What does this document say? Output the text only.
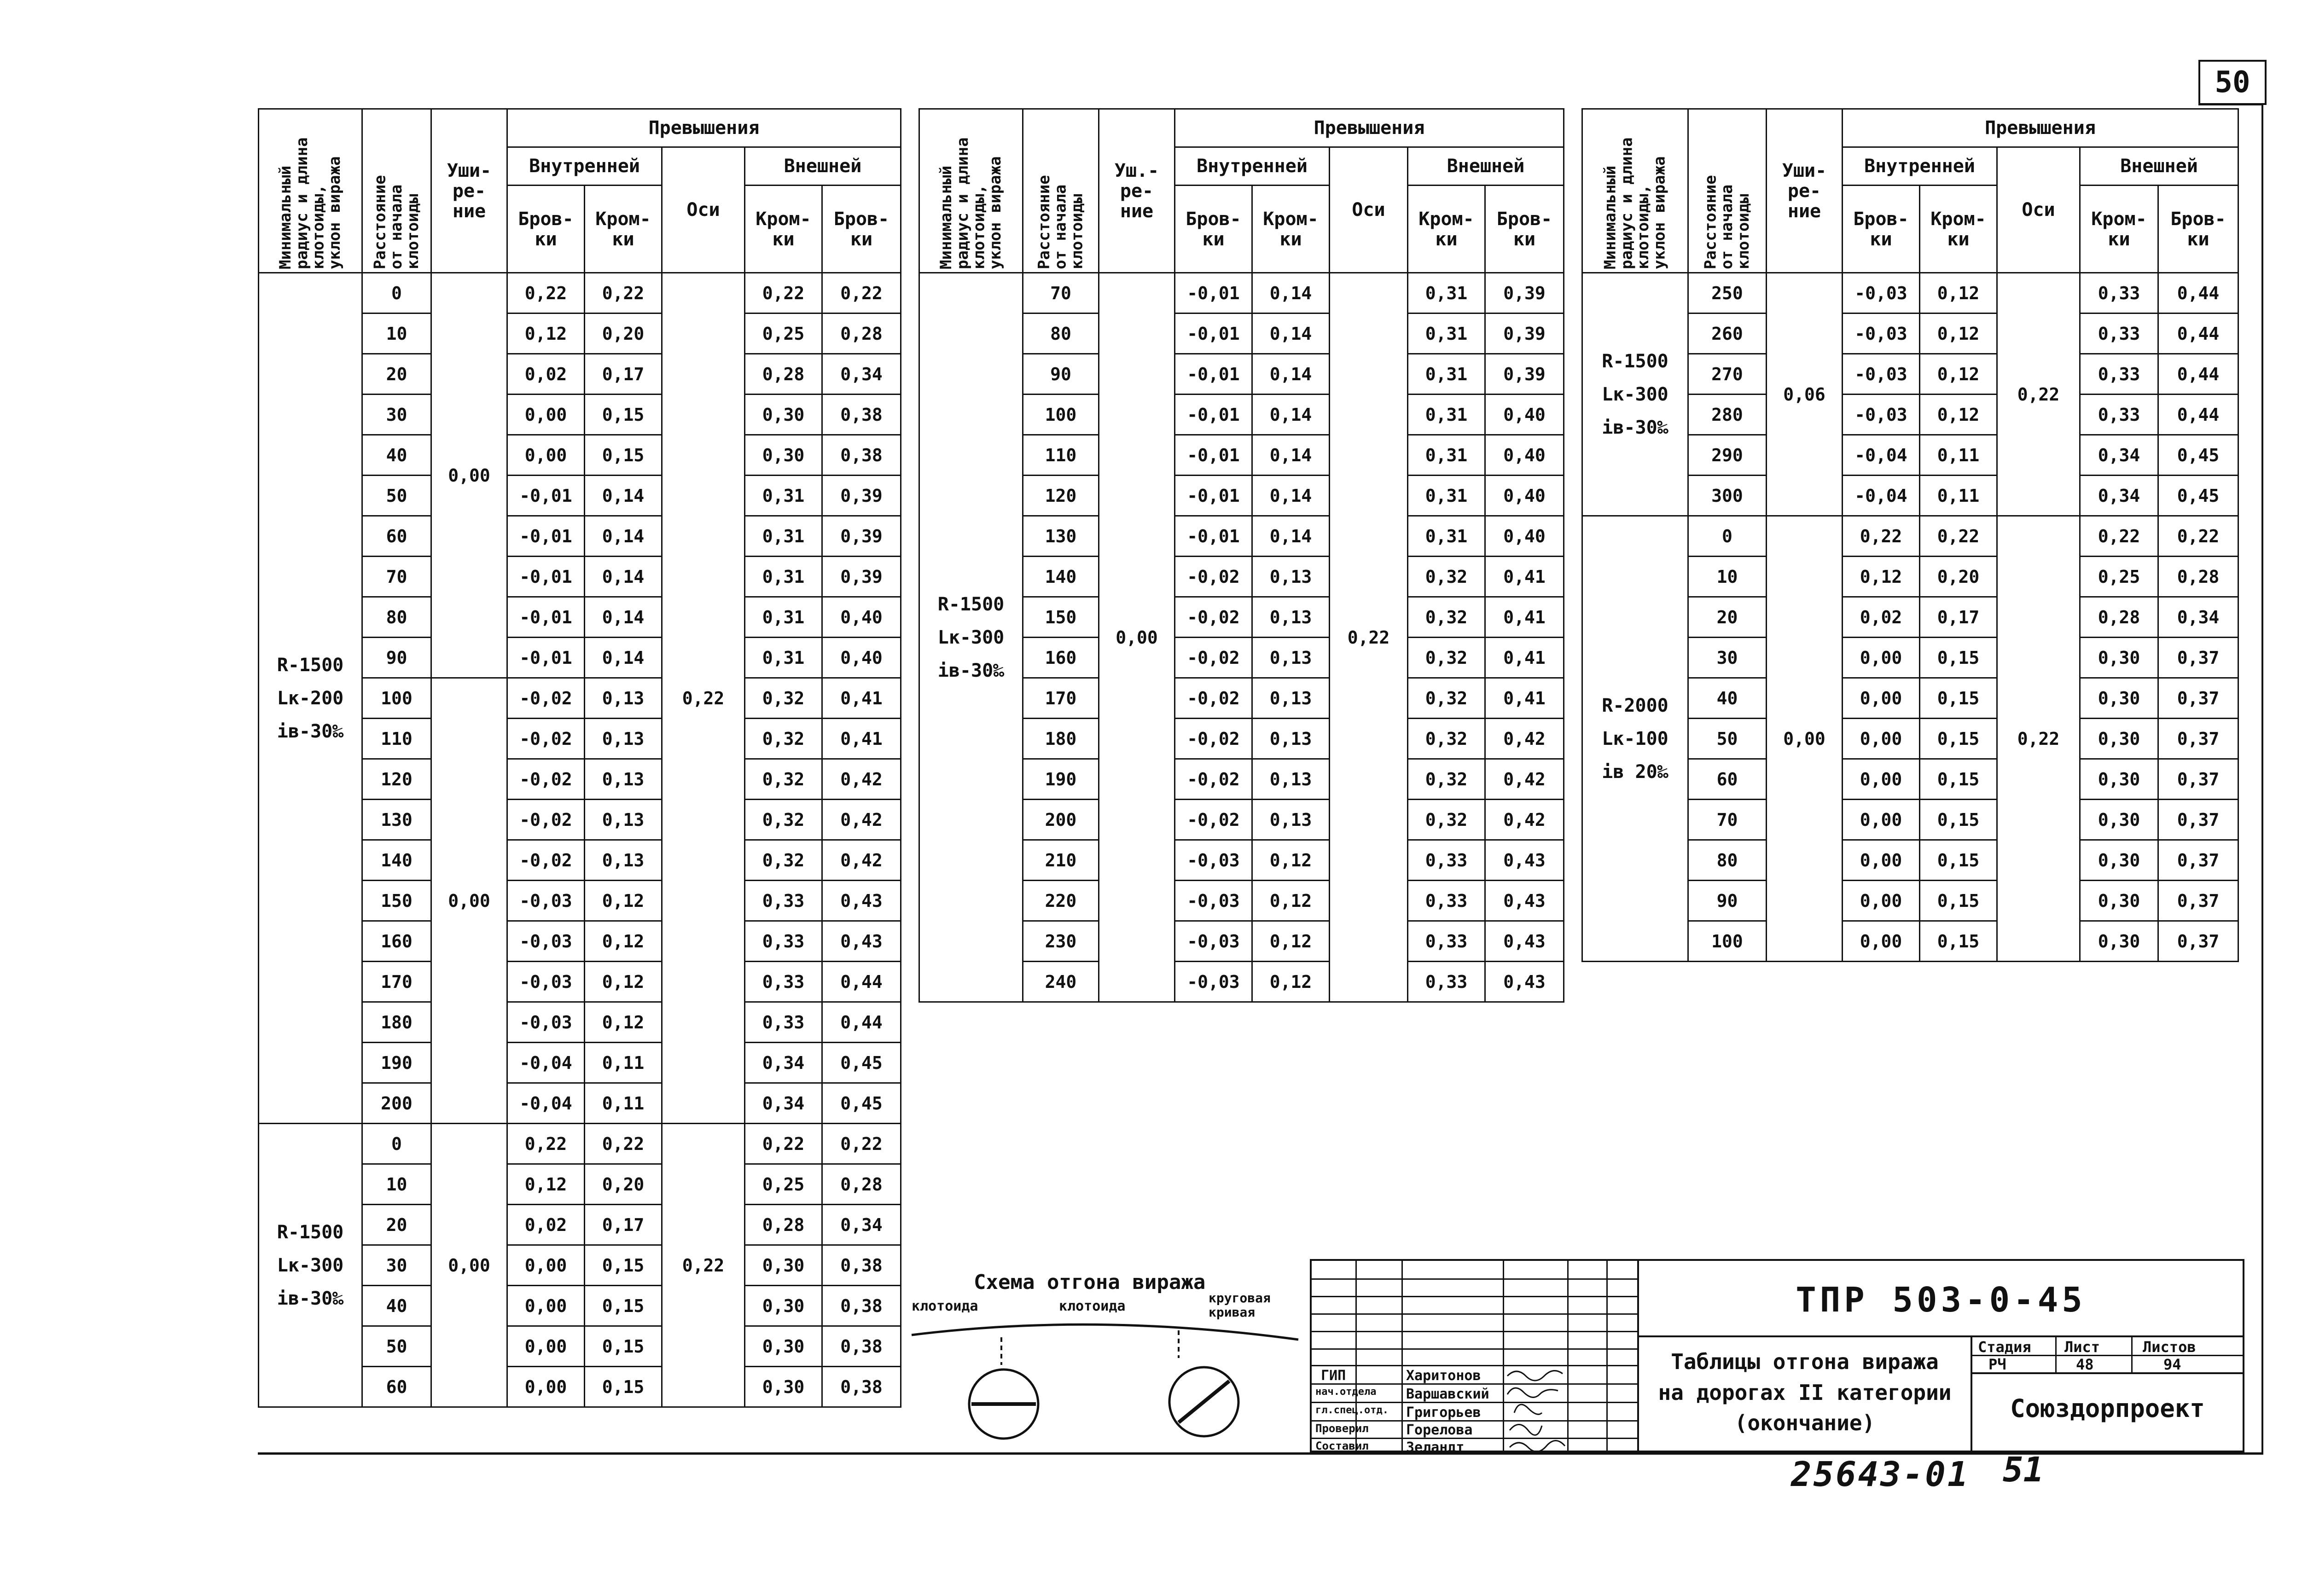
50
Минимальный
радиус и длина
клотоиды,
уклон виража	Расстояние
от начала
клотоиды	Уши-
ре-
ние	Превышения				
			Внутренней		Оси	Внешней	
			Бров-
ки	Кром-
ки		Кром-
ки	Бров-
ки
R-1500
Lк-200
iв-30‰	0	0,00	0,22	0,22	0,22	0,22	0,22
	10		0,12	0,20		0,25	0,28
	20		0,02	0,17		0,28	0,34
	30		0,00	0,15		0,30	0,38
	40		0,00	0,15		0,30	0,38
	50		-0,01	0,14		0,31	0,39
	60		-0,01	0,14		0,31	0,39
	70		-0,01	0,14		0,31	0,39
	80		-0,01	0,14		0,31	0,40
	90		-0,01	0,14		0,31	0,40
	100	0,00	-0,02	0,13		0,32	0,41
	110		-0,02	0,13		0,32	0,41
	120		-0,02	0,13		0,32	0,42
	130		-0,02	0,13		0,32	0,42
	140		-0,02	0,13		0,32	0,42
	150		-0,03	0,12		0,33	0,43
	160		-0,03	0,12		0,33	0,43
	170		-0,03	0,12		0,33	0,44
	180		-0,03	0,12		0,33	0,44
	190		-0,04	0,11		0,34	0,45
	200		-0,04	0,11		0,34	0,45
R-1500
Lк-300
iв-30‰	0	0,00	0,22	0,22	0,22	0,22	0,22
	10		0,12	0,20		0,25	0,28
	20		0,02	0,17		0,28	0,34
	30		0,00	0,15		0,30	0,38
	40		0,00	0,15		0,30	0,38
	50		0,00	0,15		0,30	0,38
	60		0,00	0,15		0,30	0,38
Минимальный
радиус и длина
клотоиды,
уклон виража	Расстояние
от начала
клотоиды	Уш.-
ре-
ние	Превышения				
			Внутренней		Оси	Внешней	
			Бров-
ки	Кром-
ки		Кром-
ки	Бров-
ки
R-1500
Lк-300
iв-30‰	70	0,00	-0,01	0,14	0,22	0,31	0,39
	80		-0,01	0,14		0,31	0,39
	90		-0,01	0,14		0,31	0,39
	100		-0,01	0,14		0,31	0,40
	110		-0,01	0,14		0,31	0,40
	120		-0,01	0,14		0,31	0,40
	130		-0,01	0,14		0,31	0,40
	140		-0,02	0,13		0,32	0,41
	150		-0,02	0,13		0,32	0,41
	160		-0,02	0,13		0,32	0,41
	170		-0,02	0,13		0,32	0,41
	180		-0,02	0,13		0,32	0,42
	190		-0,02	0,13		0,32	0,42
	200		-0,02	0,13		0,32	0,42
	210		-0,03	0,12		0,33	0,43
	220		-0,03	0,12		0,33	0,43
	230		-0,03	0,12		0,33	0,43
	240		-0,03	0,12		0,33	0,43
Минимальный
радиус и длина
клотоиды,
уклон виража	Расстояние
от начала
клотоиды	Уши-
ре-
ние	Превышения				
			Внутренней		Оси	Внешней	
			Бров-
ки	Кром-
ки		Кром-
ки	Бров-
ки
R-1500
Lк-300
iв-30‰	250	0,06	-0,03	0,12	0,22	0,33	0,44
	260		-0,03	0,12		0,33	0,44
	270		-0,03	0,12		0,33	0,44
	280		-0,03	0,12		0,33	0,44
	290		-0,04	0,11		0,34	0,45
	300		-0,04	0,11		0,34	0,45
R-2000
Lк-100
iв 20‰	0	0,00	0,22	0,22	0,22	0,22	0,22
	10		0,12	0,20		0,25	0,28
	20		0,02	0,17		0,28	0,34
	30		0,00	0,15		0,30	0,37
	40		0,00	0,15		0,30	0,37
	50		0,00	0,15		0,30	0,37
	60		0,00	0,15		0,30	0,37
	70		0,00	0,15		0,30	0,37
	80		0,00	0,15		0,30	0,37
	90		0,00	0,15		0,30	0,37
	100		0,00	0,15		0,30	0,37
Схема отгона виража
клотоида	клотоида
круговая
кривая
ГИП	Харитонов
нач.отдела Варшавский
гл.спец.отд. Григорьев
Проверил	Горелова
Составил	Зеландт
ТПР 503-0-45
Таблицы отгона виража
на дорогах II категории
(окончание)
Стадия Лист	Листов
РЧ	48	94
Союздорпроект
25643-01 51
